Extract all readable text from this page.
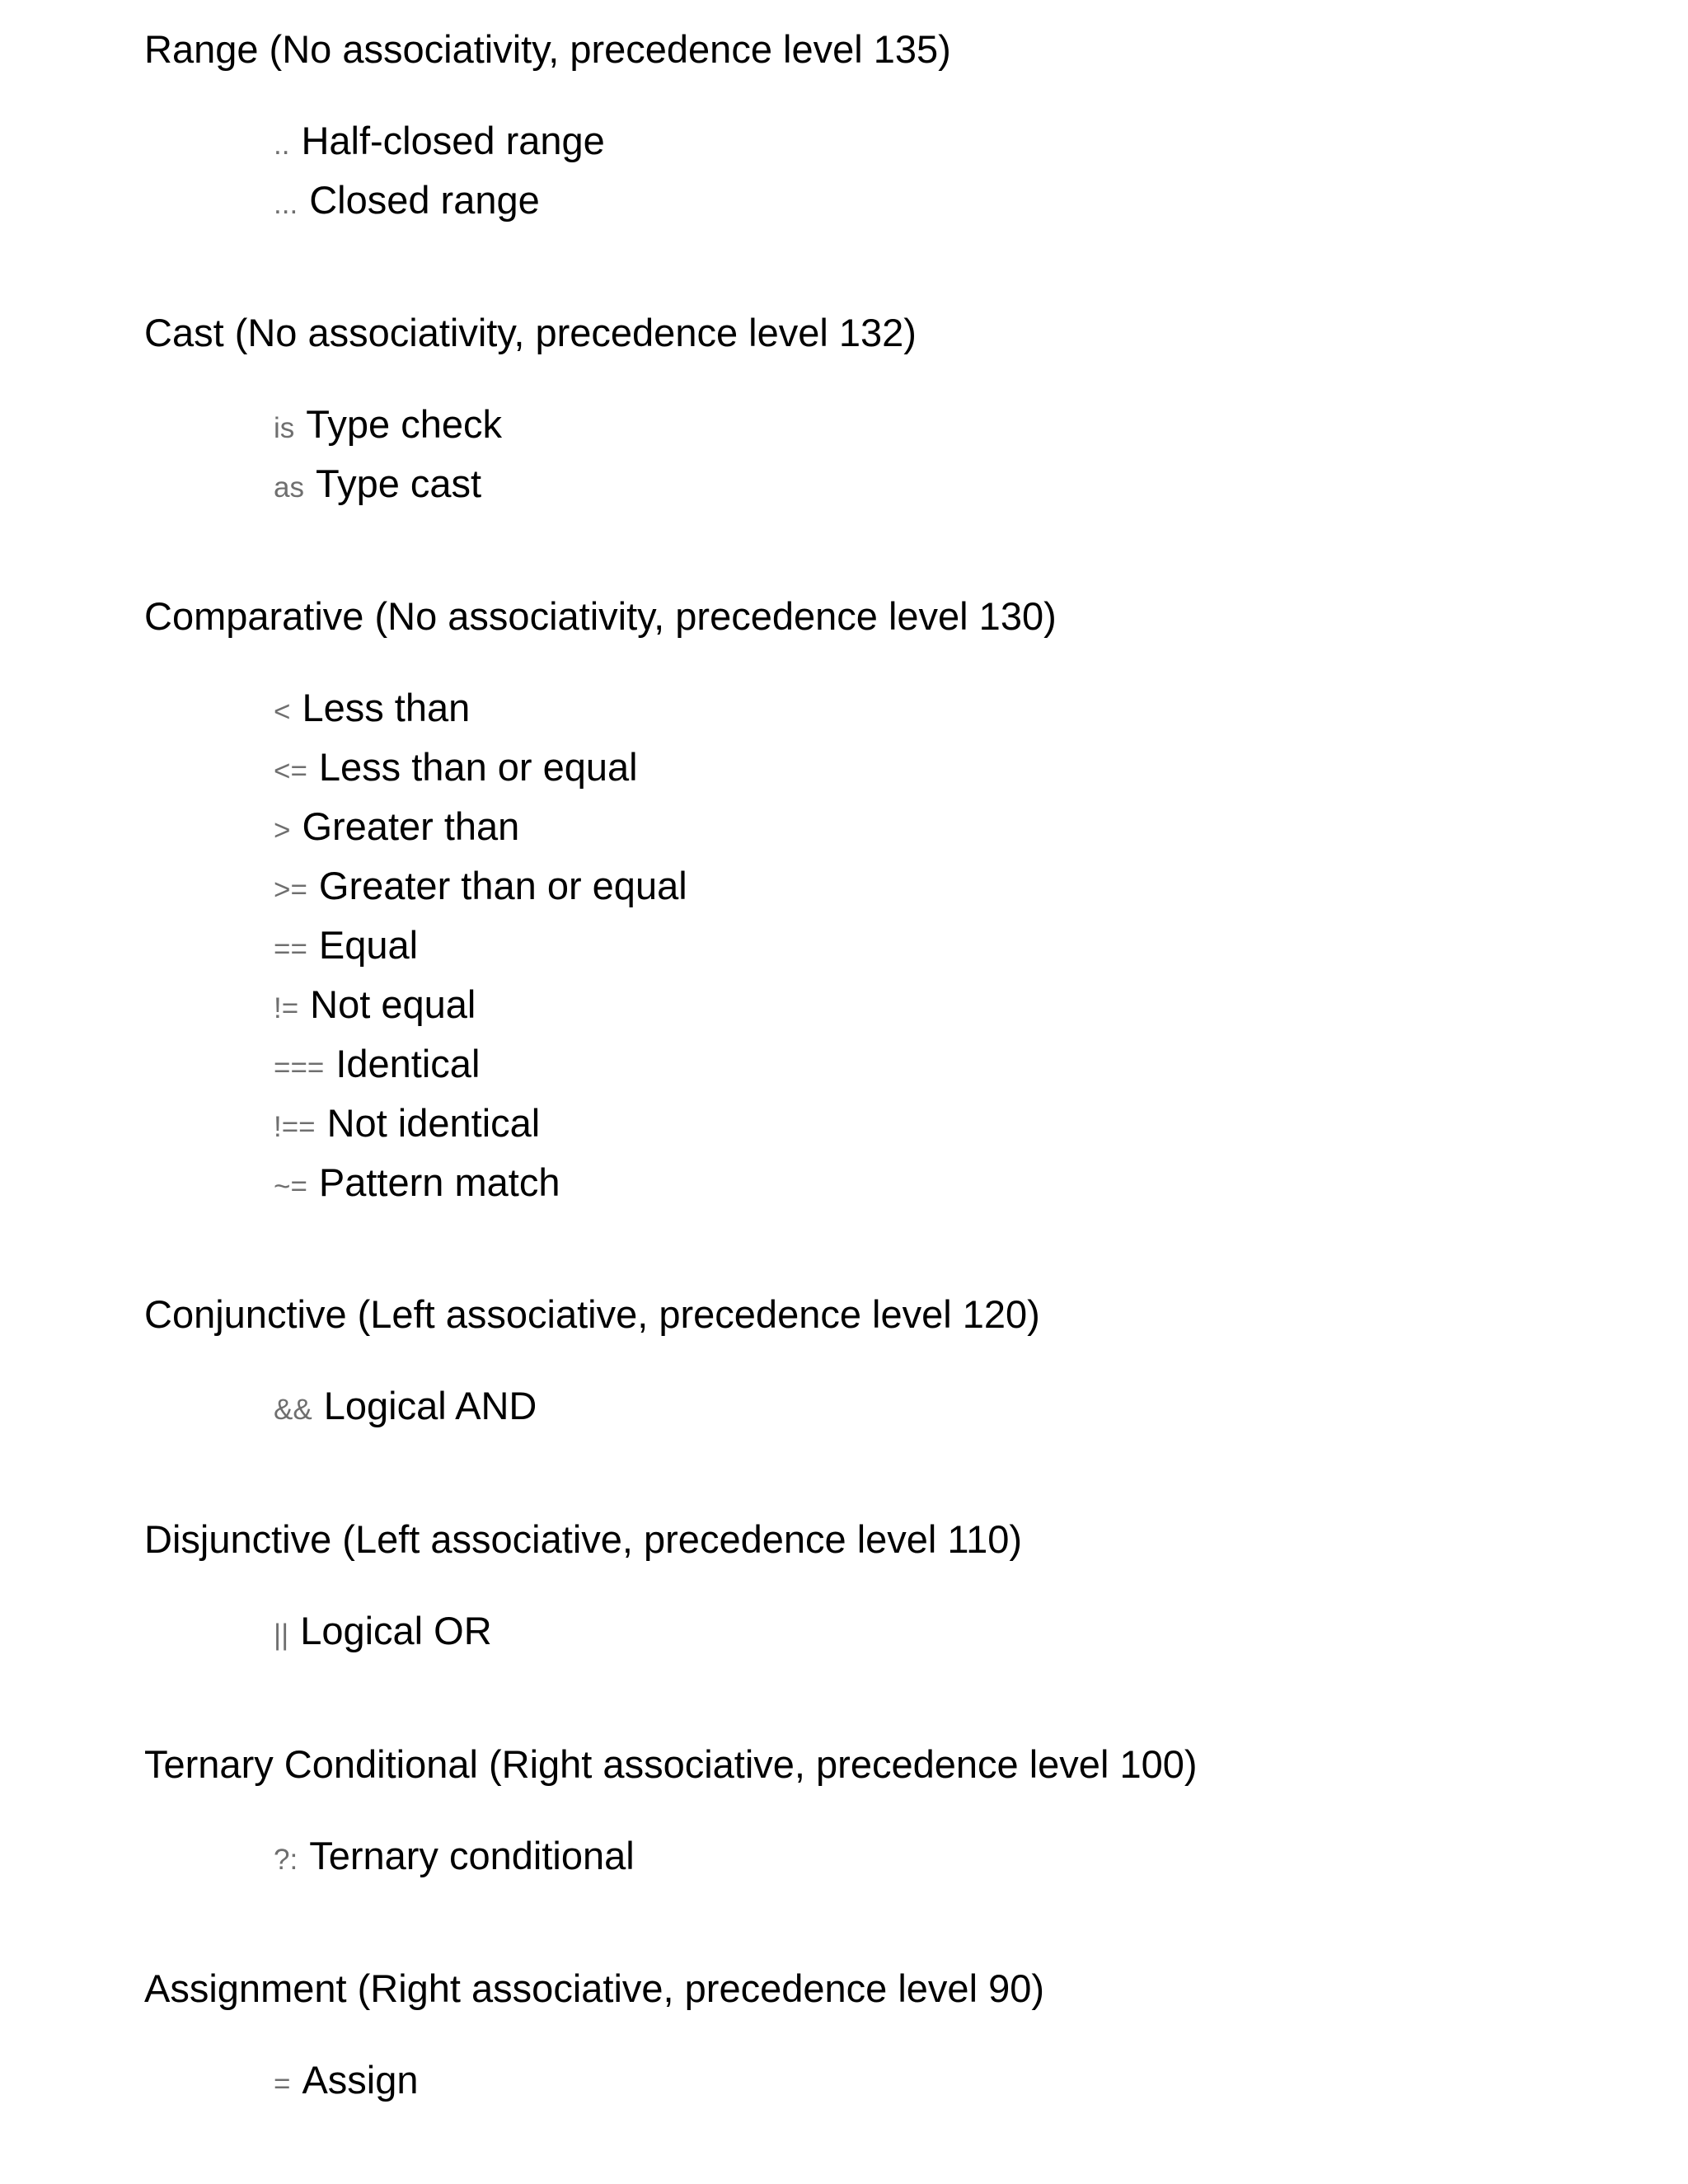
Range (No associativity, precedence level 135)
.. Half-closed range
... Closed range
Cast (No associativity, precedence level 132)
is Type check
as Type cast
Comparative (No associativity, precedence level 130)
< Less than
<= Less than or equal
> Greater than
>= Greater than or equal
== Equal
!= Not equal
=== Identical
!== Not identical
~= Pattern match
Conjunctive (Left associative, precedence level 120)
&& Logical AND
Disjunctive (Left associative, precedence level 110)
|| Logical OR
Ternary Conditional (Right associative, precedence level 100)
?: Ternary conditional
Assignment (Right associative, precedence level 90)
= Assign
